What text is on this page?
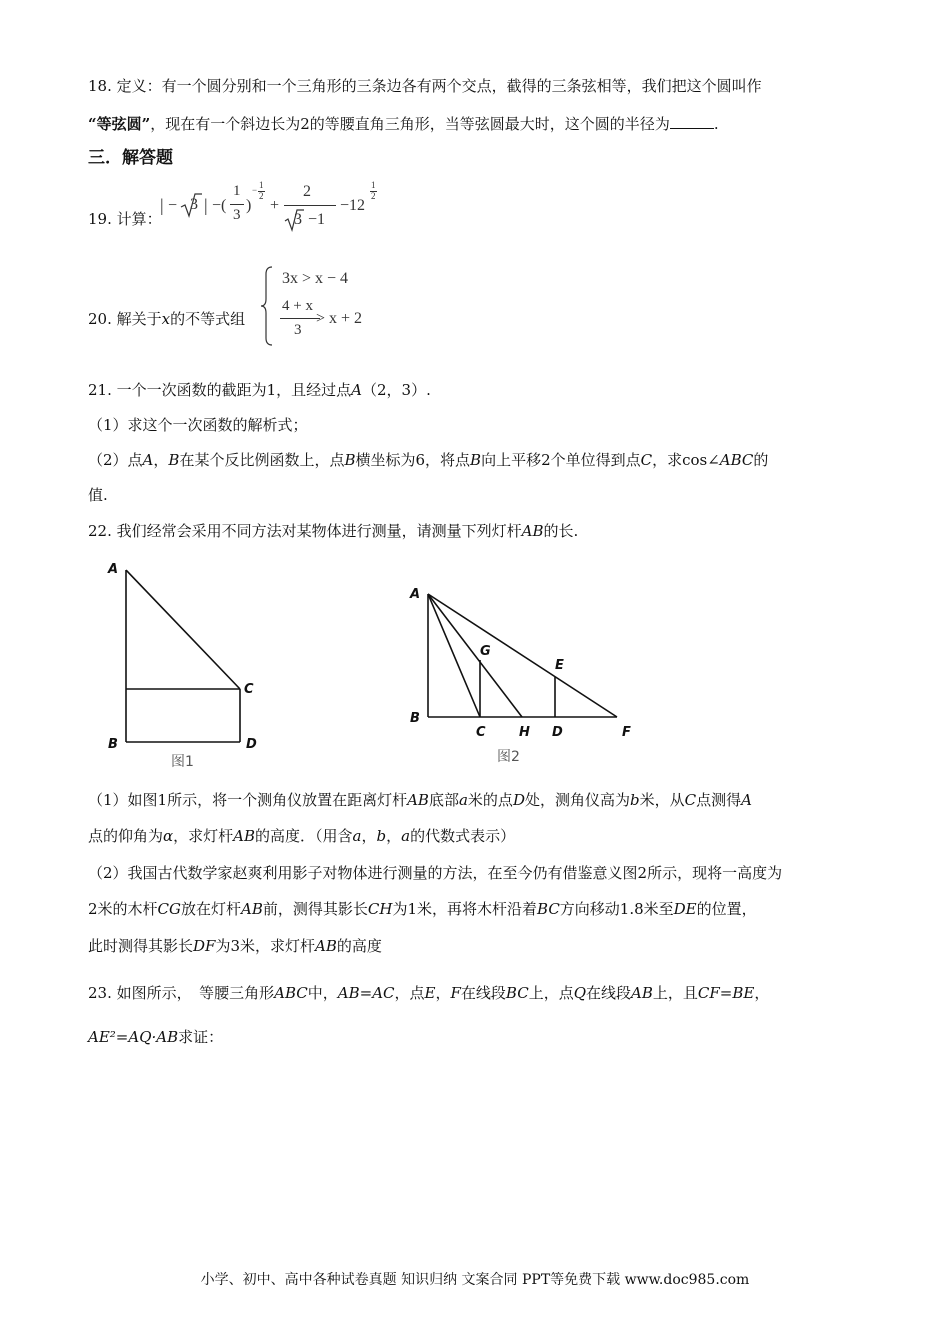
18. 定义：有一个圆分别和一个三角形的三条边各有两个交点，截得的三条弦相等，我们把这个圆叫作
“等弦圆”，现在有一个斜边长为2的等腰直角三角形，当等弦圆最大时，这个圆的半径为	.
三．解答题
19. 计算：
| − 3 | −(
1
3
)
− 1
2
+
2
3 −1
−12
1
2
20. 解关于x的不等式组
3x > x − 4
4 + x
3
> x + 2
21. 一个一次函数的截距为1，且经过点A（2，3）.
（1）求这个一次函数的解析式；
（2）点A，B在某个反比例函数上，点B横坐标为6，将点B向上平移2个单位得到点C，求cos∠ABC的
值.
22. 我们经常会采用不同方法对某物体进行测量，请测量下列灯杆AB的长.
A
B
C
D
图1
A
B
C
G
H
E
D	F
图2
（1）如图1所示，将一个测角仪放置在距离灯杆AB底部a米的点D处，测角仪高为b米，从C点测得A
点的仰角为α，求灯杆AB的高度．（用含a，b，a的代数式表示）
（2）我国古代数学家赵爽利用影子对物体进行测量的方法，在至今仍有借鉴意义图2所示，现将一高度为
2米的木杆CG放在灯杆AB前，测得其影长CH为1米，再将木杆沿着BC方向移动1.8米至DE的位置，
此时测得其影长DF为3米，求灯杆AB的高度
23. 如图所示，　等腰三角形ABC中，AB=AC，点E，F在线段BC上，点Q在线段AB上，且CF=BE，
AE²=AQ·AB求证：
小学、初中、高中各种试卷真题 知识归纳 文案合同 PPT等免费下载 www.doc985.com
